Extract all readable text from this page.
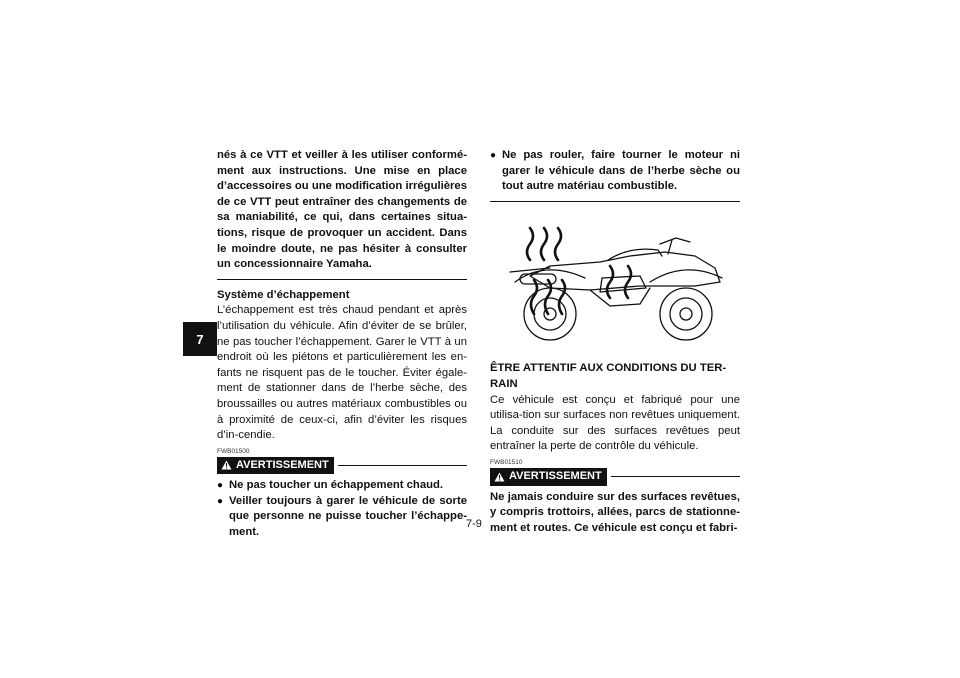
7

nés à ce VTT et veiller à les utiliser conformé-ment aux instructions. Une mise en place d’accessoires ou une modification irrégulières de ce VTT peut entraîner des changements de sa maniabilité, ce qui, dans certaines situa-tions, risque de provoquer un accident. Dans le moindre doute, ne pas hésiter à consulter un concessionnaire Yamaha.

Système d’échappement

L’échappement est très chaud pendant et après l’utilisation du véhicule. Afin d’éviter de se brûler, ne pas toucher l’échappement. Garer le VTT à un endroit où les piétons et particulièrement les en-fants ne risquent pas de le toucher. Éviter égale-ment de stationner dans de l’herbe sèche, des broussailles ou autres matériaux combustibles ou à proximité de ceux-ci, afin d’éviter les risques d’in-cendie.

FWB01500
AVERTISSEMENT
● Ne pas toucher un échappement chaud.
● Veiller toujours à garer le véhicule de sorte que personne ne puisse toucher l’échappe-ment.
● Ne pas rouler, faire tourner le moteur ni garer le véhicule dans de l’herbe sèche ou tout autre matériau combustible.
ÊTRE ATTENTIF AUX CONDITIONS DU TER-RAIN

Ce véhicule est conçu et fabriqué pour une utilisa-tion sur surfaces non revêtues uniquement. La conduite sur des surfaces revêtues peut entraîner la perte de contrôle du véhicule.

FWB01510
AVERTISSEMENT

Ne jamais conduire sur des surfaces revêtues, y compris trottoirs, allées, parcs de stationne-ment et routes. Ce véhicule est conçu et fabri-

7-9
